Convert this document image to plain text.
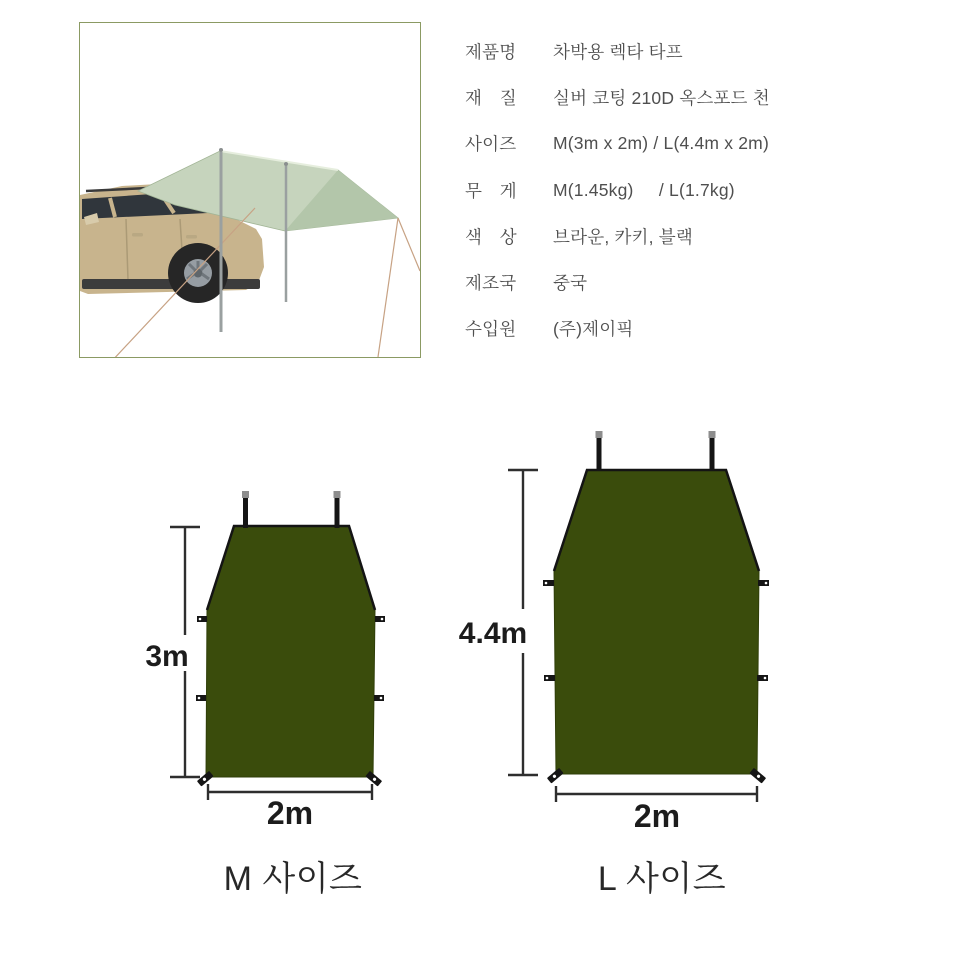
제품명	차박용 렉타 타프
재　질	실버 코팅 210D 옥스포드 천
사이즈	M(3m x 2m) / L(4.4m x 2m)
무　게	M(1.45kg)     / L(1.7kg)
색　상	브라운, 카키, 블랙
제조국	중국
수입원	(주)제이픽
3m
2m
4.4m
2m
M 사이즈	L 사이즈
